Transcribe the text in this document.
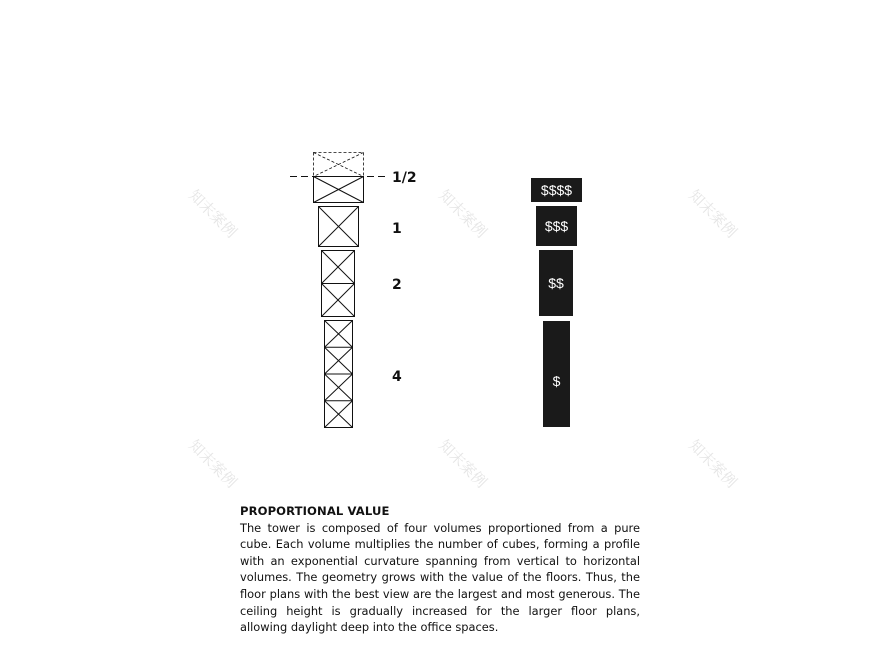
知末案例	知末案例	知末案例
知末案例	知末案例	知末案例
1/2
1
2
4
$$$$
$$$
$$
$
PROPORTIONAL VALUE

The tower is composed of four volumes proportioned from a pure cube. Each volume multiplies the number of cubes, forming a profile with an exponential curvature spanning from vertical to horizontal volumes. The geometry grows with the value of the floors. Thus, the floor plans with the best view are the largest and most generous. The ceiling height is gradually increased for the larger floor plans, allowing daylight deep into the office spaces.
